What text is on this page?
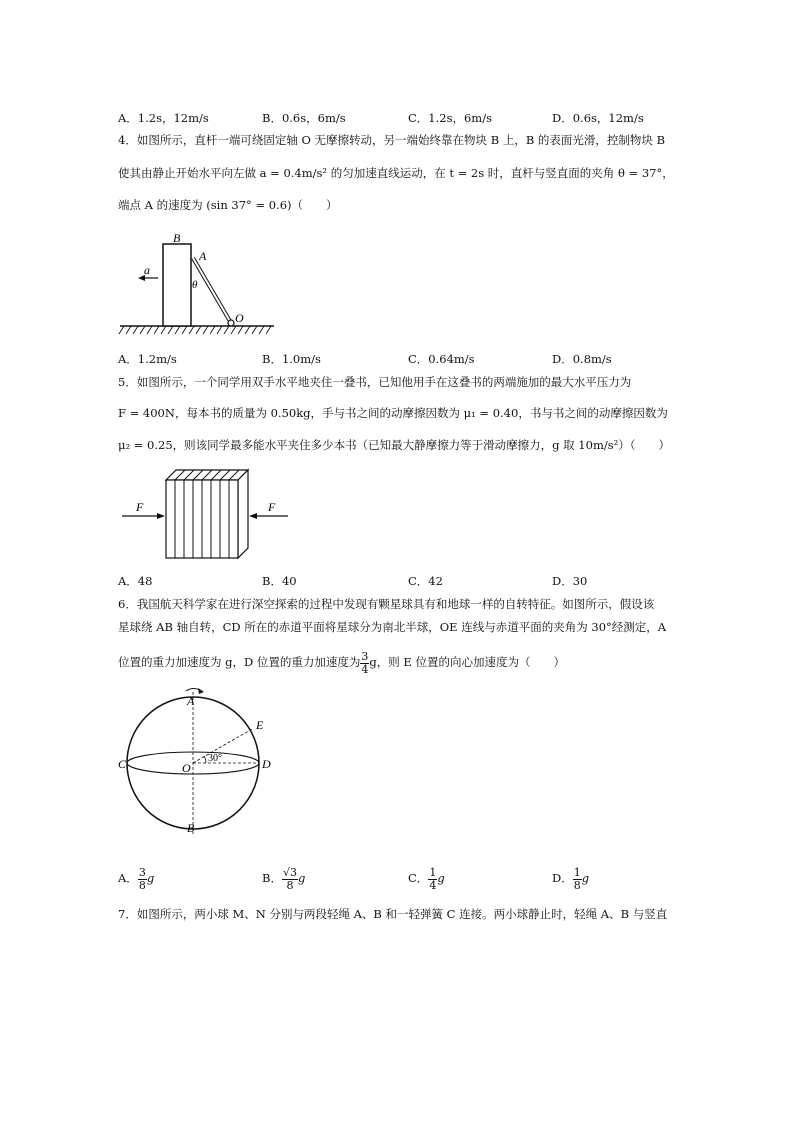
A．1.2s，12m/s	B．0.6s，6m/s	C．1.2s，6m/s	D．0.6s，12m/s
4．如图所示，直杆一端可绕固定轴 O 无摩擦转动，另一端始终靠在物块 B 上，B 的表面光滑，控制物块 B
使其由静止开始水平向左做 a = 0.4m/s² 的匀加速直线运动，在 t = 2s 时，直杆与竖直面的夹角 θ = 37°，
端点 A 的速度为 (sin 37° = 0.6)（　　）
a
B
A
θ
O
A．1.2m/s	B．1.0m/s	C．0.64m/s	D．0.8m/s
5．如图所示，一个同学用双手水平地夹住一叠书，已知他用手在这叠书的两端施加的最大水平压力为
F = 400N，每本书的质量为 0.50kg，手与书之间的动摩擦因数为 μ₁ = 0.40，书与书之间的动摩擦因数为
μ₂ = 0.25，则该同学最多能水平夹住多少本书（已知最大静摩擦力等于滑动摩擦力，g 取 10m/s²）（　　）
F	F
A．48	B．40	C．42	D．30
6．我国航天科学家在进行深空探索的过程中发现有颗星球具有和地球一样的自转特征。如图所示，假设该
星球绕 AB 轴自转，CD 所在的赤道平面将星球分为南北半球，OE 连线与赤道平面的夹角为 30°经测定，A
位置的重力加速度为 g，D 位置的重力加速度为 $\frac{3}{4}$ g，则 E 位置的向心加速度为（　　）
A
B
C	D
E
O
30°
A． $\frac{3}{8}$ g	B． $\frac{√3}{8}$ g	C． $\frac{1}{4}$ g	D． $\frac{1}{8}$ g
7．如图所示，两小球 M、N 分别与两段轻绳 A、B 和一轻弹簧 C 连接。两小球静止时，轻绳 A、B 与竖直
